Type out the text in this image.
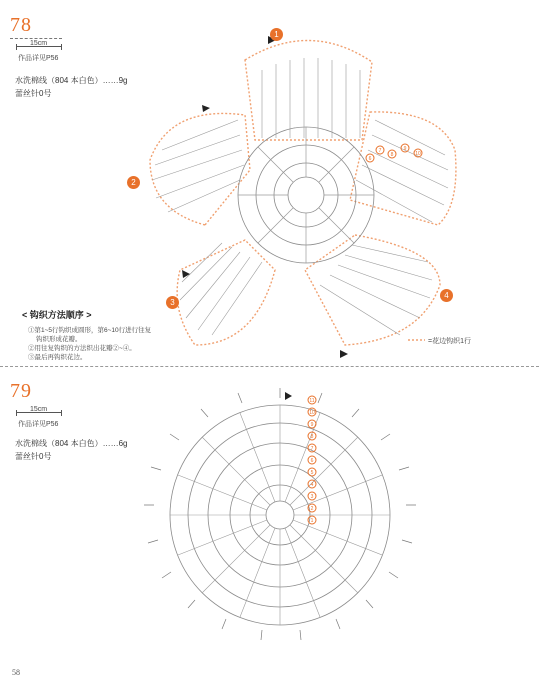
78
15cm
作品详见P56
水洗棉线（804 本白色）……9g
蕾丝针0号
6
7
8
9
10
1
2
3
4
=花边钩织1行
< 钩织方法顺序 >
①第1~5行钩织成圆形，第6~10行进行往复
钩织形成花瓣。
②用往复钩织的方法织出花瓣②~④。
③最后再钩织花边。
79
15cm
作品详见P56
水洗棉线（804 本白色）……6g
蕾丝针0号
11
10
9
8
7
6
5
4
3
2
1
58
